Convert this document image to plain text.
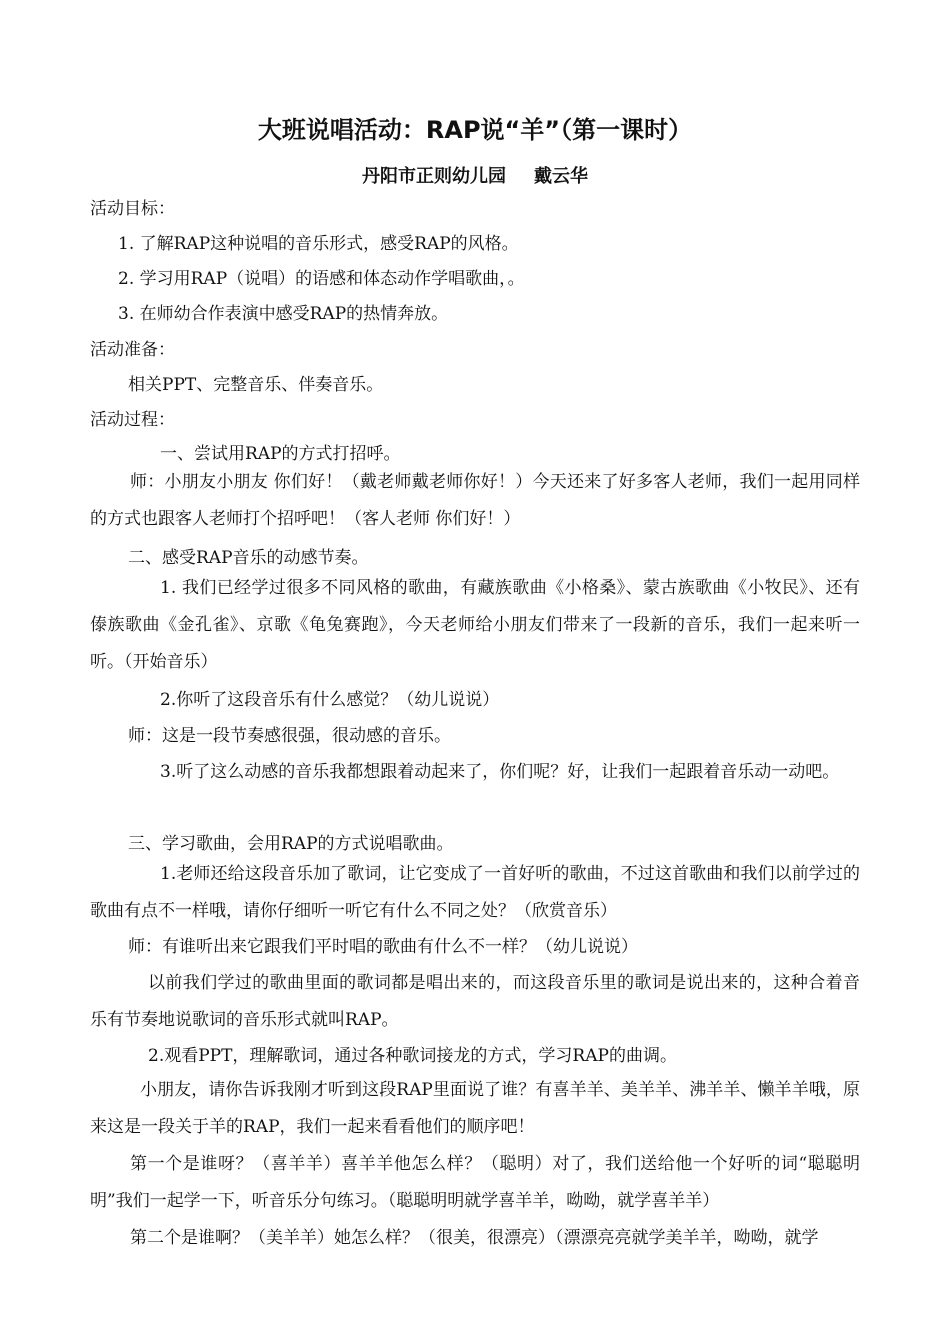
大班说唱活动：RAP说“羊”（第一课时）
丹阳市正则幼儿园 戴云华
活动目标：
1. 了解RAP这种说唱的音乐形式，感受RAP的风格。
2. 学习用RAP（说唱）的语感和体态动作学唱歌曲，。
3. 在师幼合作表演中感受RAP的热情奔放。
活动准备：
相关PPT、完整音乐、伴奏音乐。
活动过程：
一、尝试用RAP的方式打招呼。
师：小朋友小朋友 你们好！（戴老师戴老师你好！）今天还来了好多客人老师，我们一起用同样的方式也跟客人老师打个招呼吧！（客人老师 你们好！）
二、感受RAP音乐的动感节奏。
1. 我们已经学过很多不同风格的歌曲，有藏族歌曲《小格桑》、蒙古族歌曲《小牧民》、还有傣族歌曲《金孔雀》、京歌《龟兔赛跑》，今天老师给小朋友们带来了一段新的音乐，我们一起来听一听。（开始音乐）
2.你听了这段音乐有什么感觉？（幼儿说说）
师：这是一段节奏感很强，很动感的音乐。
3.听了这么动感的音乐我都想跟着动起来了，你们呢？好，让我们一起跟着音乐动一动吧。
三、学习歌曲，会用RAP的方式说唱歌曲。
1.老师还给这段音乐加了歌词，让它变成了一首好听的歌曲，不过这首歌曲和我们以前学过的歌曲有点不一样哦，请你仔细听一听它有什么不同之处？（欣赏音乐）
师：有谁听出来它跟我们平时唱的歌曲有什么不一样？（幼儿说说）
以前我们学过的歌曲里面的歌词都是唱出来的，而这段音乐里的歌词是说出来的，这种合着音乐有节奏地说歌词的音乐形式就叫RAP。
2.观看PPT，理解歌词，通过各种歌词接龙的方式，学习RAP的曲调。
小朋友，请你告诉我刚才听到这段RAP里面说了谁？有喜羊羊、美羊羊、沸羊羊、懒羊羊哦，原来这是一段关于羊的RAP，我们一起来看看他们的顺序吧！
第一个是谁呀？（喜羊羊）喜羊羊他怎么样？（聪明）对了，我们送给他一个好听的词“聪聪明明”我们一起学一下，听音乐分句练习。（聪聪明明就学喜羊羊，呦呦，就学喜羊羊）
第二个是谁啊？（美羊羊）她怎么样？（很美，很漂亮）（漂漂亮亮就学美羊羊，呦呦，就学
